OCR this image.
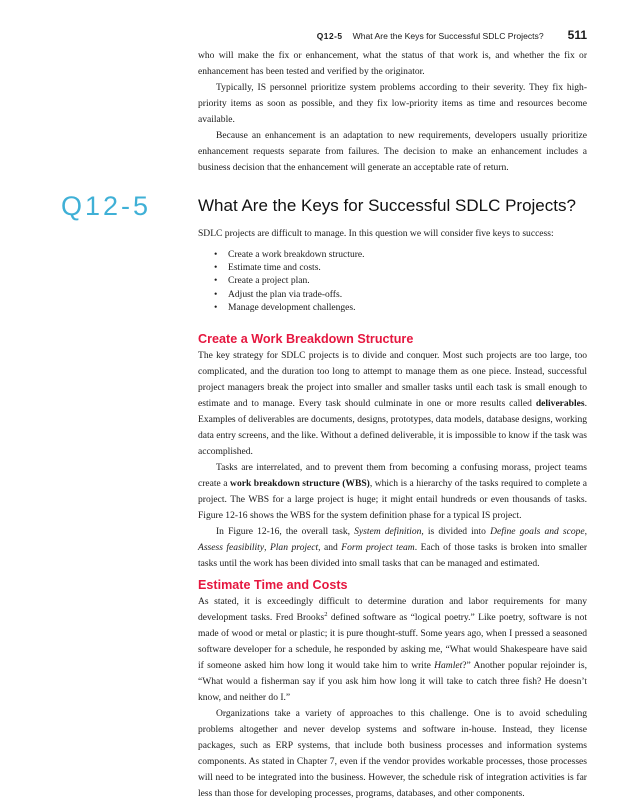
Q12-5 What Are the Keys for Successful SDLC Projects? 511

who will make the fix or enhancement, what the status of that work is, and whether the fix or enhancement has been tested and verified by the originator.

Typically, IS personnel prioritize system problems according to their severity. They fix high-priority items as soon as possible, and they fix low-priority items as time and resources become available.

Because an enhancement is an adaptation to new requirements, developers usually prioritize enhancement requests separate from failures. The decision to make an enhancement includes a business decision that the enhancement will generate an acceptable rate of return.

Q12-5	What Are the Keys for Successful SDLC Projects?
SDLC projects are difficult to manage. In this question we will consider five keys to success:
• Create a work breakdown structure.
• Estimate time and costs.
• Create a project plan.
• Adjust the plan via trade-offs.
• Manage development challenges.
Create a Work Breakdown Structure

The key strategy for SDLC projects is to divide and conquer. Most such projects are too large, too complicated, and the duration too long to attempt to manage them as one piece. Instead, successful project managers break the project into smaller and smaller tasks until each task is small enough to estimate and to manage. Every task should culminate in one or more results called deliverables. Examples of deliverables are documents, designs, prototypes, data models, database designs, working data entry screens, and the like. Without a defined deliverable, it is impossible to know if the task was accomplished.

Tasks are interrelated, and to prevent them from becoming a confusing morass, project teams create a work breakdown structure (WBS), which is a hierarchy of the tasks required to complete a project. The WBS for a large project is huge; it might entail hundreds or even thousands of tasks. Figure 12-16 shows the WBS for the system definition phase for a typical IS project.

In Figure 12-16, the overall task, System definition, is divided into Define goals and scope, Assess feasibility, Plan project, and Form project team. Each of those tasks is broken into smaller tasks until the work has been divided into small tasks that can be managed and estimated.

Estimate Time and Costs

As stated, it is exceedingly difficult to determine duration and labor requirements for many development tasks. Fred Brooks$^2$ defined software as “logical poetry.” Like poetry, software is not made of wood or metal or plastic; it is pure thought-stuff. Some years ago, when I pressed a seasoned software developer for a schedule, he responded by asking me, “What would Shakespeare have said if someone asked him how long it would take him to write Hamlet?” Another popular rejoinder is, “What would a fisherman say if you ask him how long it will take to catch three fish? He doesn’t know, and neither do I.”

Organizations take a variety of approaches to this challenge. One is to avoid scheduling problems altogether and never develop systems and software in-house. Instead, they license packages, such as ERP systems, that include both business processes and information systems components. As stated in Chapter 7, even if the vendor provides workable processes, those processes will need to be integrated into the business. However, the schedule risk of integration activities is far less than those for developing processes, programs, databases, and other components.
